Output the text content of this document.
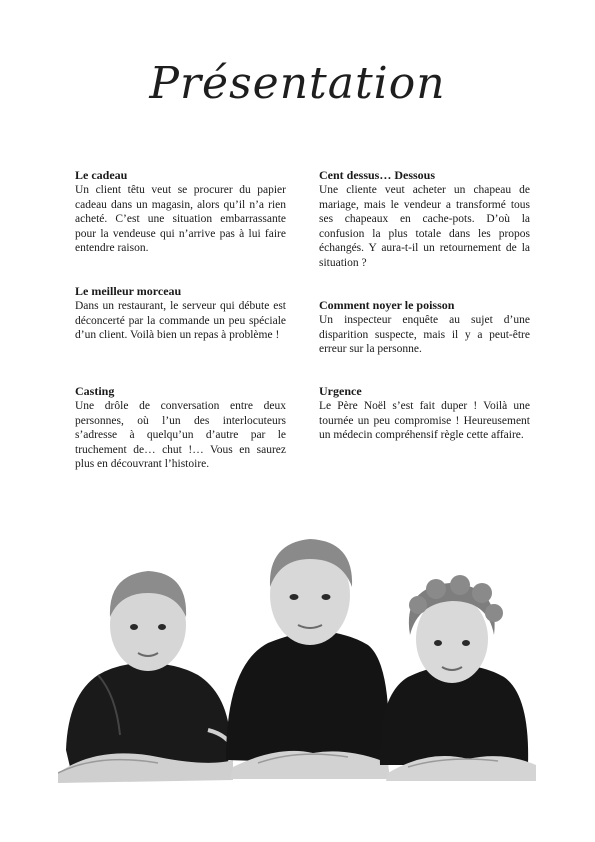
Présentation

Le cadeau

Un client têtu veut se procurer du papier cadeau dans un magasin, alors qu’il n’a rien acheté. C’est une situation embarrassante pour la vendeuse qui n’arrive pas à lui faire entendre raison.

Le meilleur morceau

Dans un restaurant, le serveur qui débute est déconcerté par la commande un peu spéciale d’un client. Voilà bien un repas à problème !

Casting

Une drôle de conversation entre deux personnes, où l’un des interlocuteurs s’adresse à quelqu’un d’autre par le truchement de… chut !… Vous en saurez plus en découvrant l’histoire.

Cent dessus… Dessous

Une cliente veut acheter un chapeau de mariage, mais le vendeur a transformé tous ses chapeaux en cache-pots. D’où la confusion la plus totale dans les propos échangés. Y aura-t-il un retournement de la situation ?

Comment noyer le poisson

Un inspecteur enquête au sujet d’une disparition suspecte, mais il y a peut-être erreur sur la personne.

Urgence

Le Père Noël s’est fait duper ! Voilà une tournée un peu compromise ! Heureusement un médecin compréhensif règle cette affaire.
